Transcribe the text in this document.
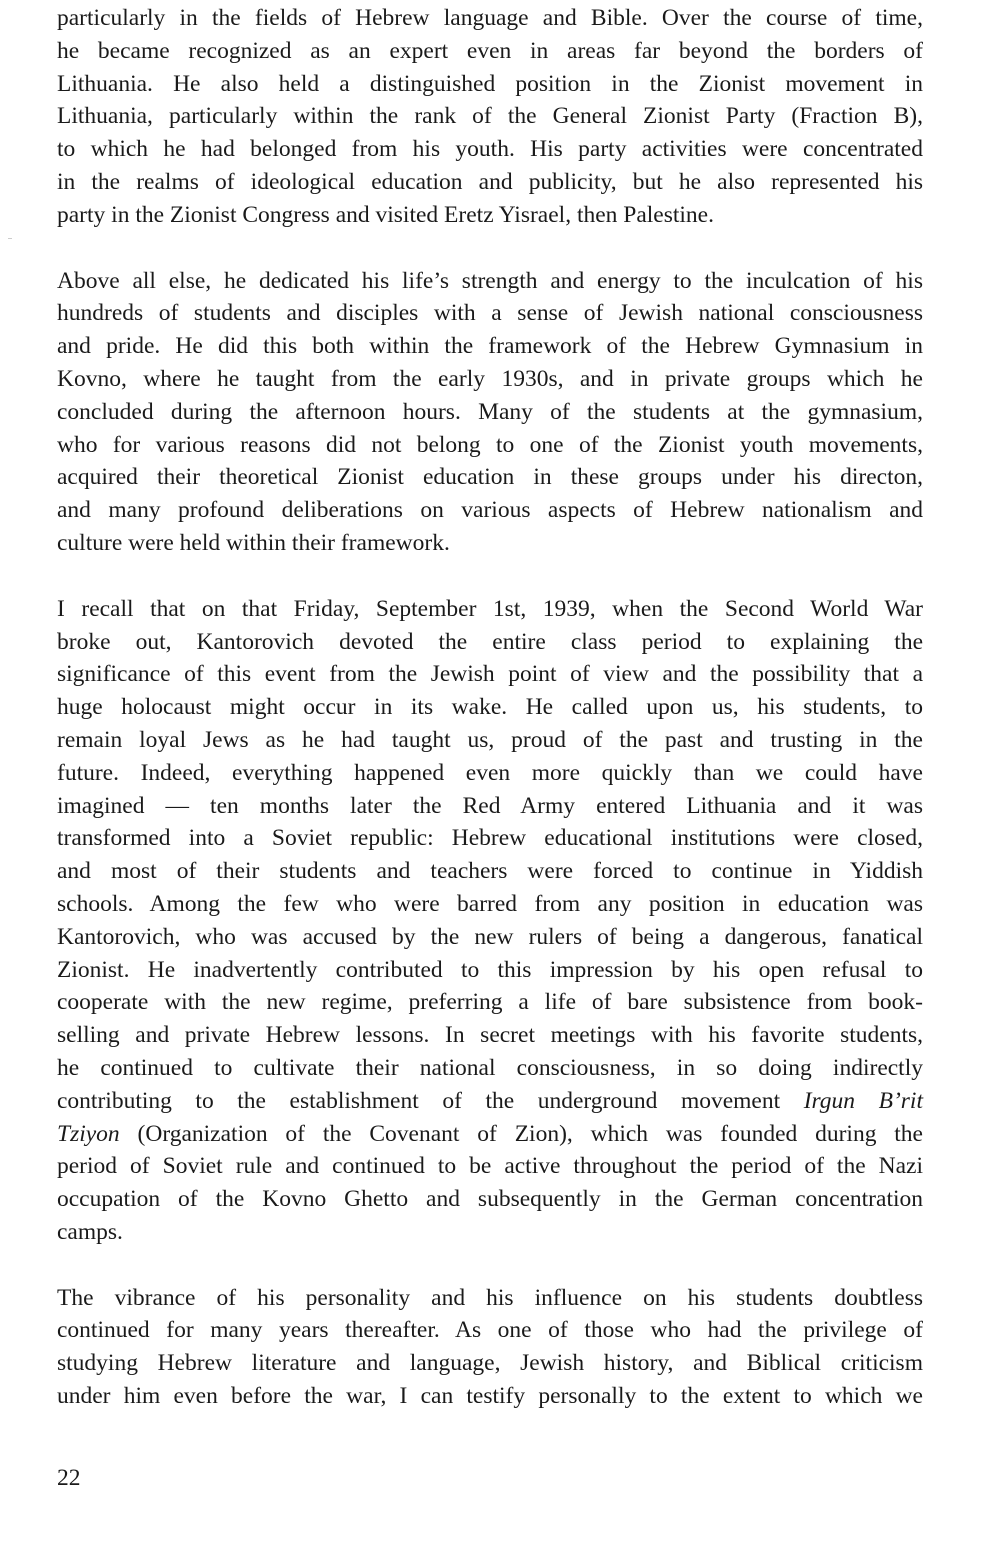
particularly in the fields of Hebrew language and Bible. Over the course of time,
he became recognized as an expert even in areas far beyond the borders of
Lithuania. He also held a distinguished position in the Zionist movement in
Lithuania, particularly within the rank of the General Zionist Party (Fraction B),
to which he had belonged from his youth. His party activities were concentrated
in the realms of ideological education and publicity, but he also represented his
party in the Zionist Congress and visited Eretz Yisrael, then Palestine.

Above all else, he dedicated his life’s strength and energy to the inculcation of his
hundreds of students and disciples with a sense of Jewish national consciousness
and pride. He did this both within the framework of the Hebrew Gymnasium in
Kovno, where he taught from the early 1930s, and in private groups which he
concluded during the afternoon hours. Many of the students at the gymnasium,
who for various reasons did not belong to one of the Zionist youth movements,
acquired their theoretical Zionist education in these groups under his directon,
and many profound deliberations on various aspects of Hebrew nationalism and
culture were held within their framework.

I recall that on that Friday, September 1st, 1939, when the Second World War
broke out, Kantorovich devoted the entire class period to explaining the
significance of this event from the Jewish point of view and the possibility that a
huge holocaust might occur in its wake. He called upon us, his students, to
remain loyal Jews as he had taught us, proud of the past and trusting in the
future. Indeed, everything happened even more quickly than we could have
imagined — ten months later the Red Army entered Lithuania and it was
transformed into a Soviet republic: Hebrew educational institutions were closed,
and most of their students and teachers were forced to continue in Yiddish
schools. Among the few who were barred from any position in education was
Kantorovich, who was accused by the new rulers of being a dangerous, fanatical
Zionist. He inadvertently contributed to this impression by his open refusal to
cooperate with the new regime, preferring a life of bare subsistence from book-
selling and private Hebrew lessons. In secret meetings with his favorite students,
he continued to cultivate their national consciousness, in so doing indirectly
contributing to the establishment of the underground movement Irgun B’rit
Tziyon (Organization of the Covenant of Zion), which was founded during the
period of Soviet rule and continued to be active throughout the period of the Nazi
occupation of the Kovno Ghetto and subsequently in the German concentration
camps.

The vibrance of his personality and his influence on his students doubtless
continued for many years thereafter. As one of those who had the privilege of
studying Hebrew literature and language, Jewish history, and Biblical criticism
under him even before the war, I can testify personally to the extent to which we

22
